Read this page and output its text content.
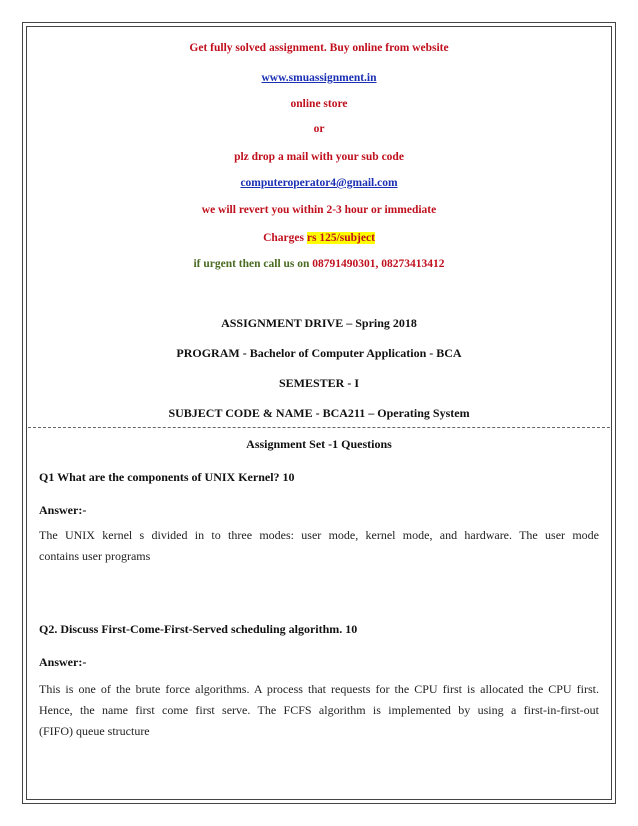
Get fully solved assignment. Buy online from website
www.smuassignment.in
online store
or
plz drop a mail with your sub code
computeroperator4@gmail.com
we will revert you within 2-3 hour or immediate
Charges rs 125/subject
if urgent then call us on 08791490301, 08273413412
ASSIGNMENT DRIVE – Spring 2018
PROGRAM - Bachelor of Computer Application - BCA
SEMESTER - I
SUBJECT CODE & NAME - BCA211 – Operating System
Assignment Set -1 Questions
Q1 What are the components of UNIX Kernel? 10
Answer:-
The UNIX kernel s divided in to three modes: user mode, kernel mode, and hardware. The user mode
contains user programs
Q2. Discuss First-Come-First-Served scheduling algorithm. 10
Answer:-
This is one of the brute force algorithms. A process that requests for the CPU first is allocated the CPU first.
Hence, the name first come first serve. The FCFS algorithm is implemented by using a first-in-first-out
(FIFO) queue structure
